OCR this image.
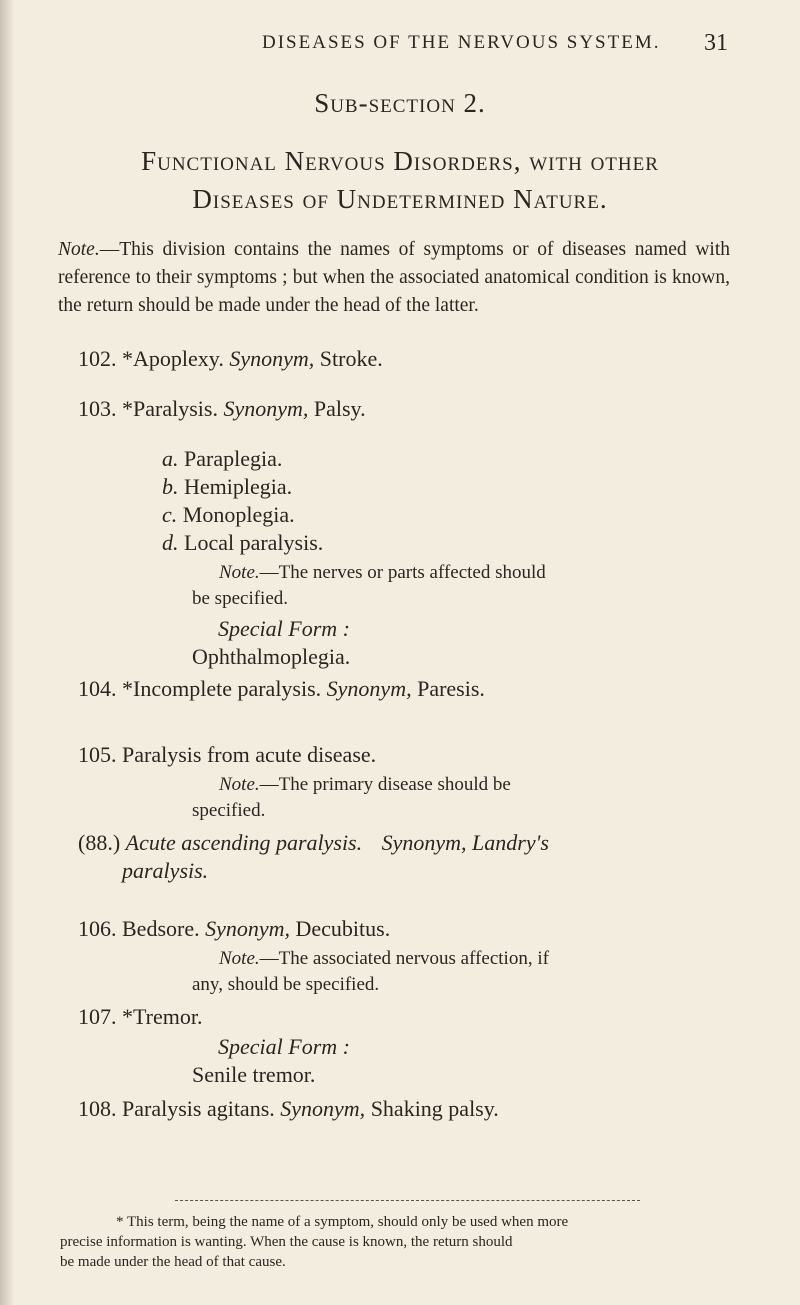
DISEASES OF THE NERVOUS SYSTEM. 31
Sub-section 2.
Functional Nervous Disorders, with other
Diseases of Undetermined Nature.
Note.—This division contains the names of symptoms or of diseases named with reference to their symptoms ; but when the associated anatomical condition is known, the return should be made under the head of the latter.
102. *Apoplexy. Synonym, Stroke.
103. *Paralysis. Synonym, Palsy.
a. Paraplegia.
b. Hemiplegia.
c. Monoplegia.
d. Local paralysis.
Note.—The nerves or parts affected should
be specified.
Special Form :
Ophthalmoplegia.
104. *Incomplete paralysis. Synonym, Paresis.
105. Paralysis from acute disease.
Note.—The primary disease should be
specified.
(88.) Acute ascending paralysis. Synonym, Landry's
paralysis.
106. Bedsore. Synonym, Decubitus.
Note.—The associated nervous affection, if
any, should be specified.
107. *Tremor.
Special Form :
Senile tremor.
108. Paralysis agitans. Synonym, Shaking palsy.
* This term, being the name of a symptom, should only be used when more
precise information is wanting. When the cause is known, the return should
be made under the head of that cause.
